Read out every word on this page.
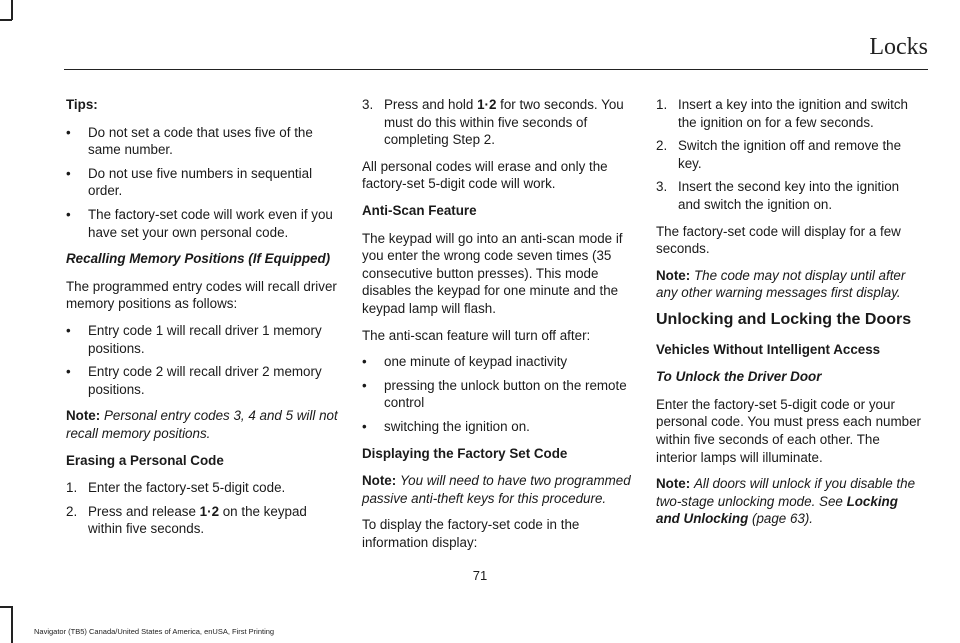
Locks

Tips:

•	Do not set a code that uses five of the same number.
•	Do not use five numbers in sequential order.
•	The factory-set code will work even if you have set your own personal code.

Recalling Memory Positions (If Equipped)

The programmed entry codes will recall driver memory positions as follows:

•	Entry code 1 will recall driver 1 memory positions.
•	Entry code 2 will recall driver 2 memory positions.

Note: Personal entry codes 3, 4 and 5 will not recall memory positions.

Erasing a Personal Code

1. Enter the factory-set 5-digit code.
2. Press and release 1·2 on the keypad within five seconds.
3. Press and hold 1·2 for two seconds. You must do this within five seconds of completing Step 2.

All personal codes will erase and only the factory-set 5-digit code will work.

Anti-Scan Feature

The keypad will go into an anti-scan mode if you enter the wrong code seven times (35 consecutive button presses). This mode disables the keypad for one minute and the keypad lamp will flash.

The anti-scan feature will turn off after:

•	one minute of keypad inactivity
•	pressing the unlock button on the remote control
•	switching the ignition on.

Displaying the Factory Set Code

Note: You will need to have two programmed passive anti-theft keys for this procedure.

To display the factory-set code in the information display:

1. Insert a key into the ignition and switch the ignition on for a few seconds.
2. Switch the ignition off and remove the key.
3. Insert the second key into the ignition and switch the ignition on.

The factory-set code will display for a few seconds.

Note: The code may not display until after any other warning messages first display.

Unlocking and Locking the Doors

Vehicles Without Intelligent Access

To Unlock the Driver Door

Enter the factory-set 5-digit code or your personal code. You must press each number within five seconds of each other. The interior lamps will illuminate.

Note: All doors will unlock if you disable the two-stage unlocking mode. See Locking and Unlocking (page 63).

71
Navigator (TB5) Canada/United States of America, enUSA, First Printing
